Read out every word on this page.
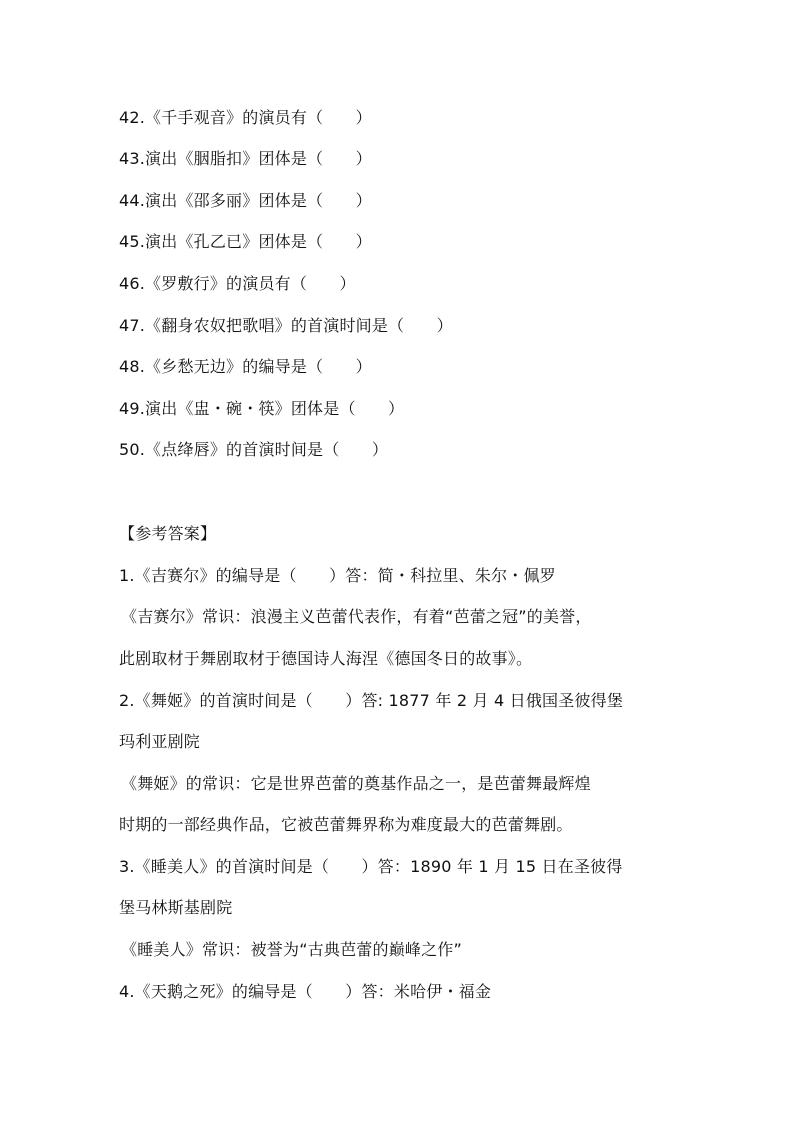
42.《千手观音》的演员有（　　）
43.演出《胭脂扣》团体是（　　）
44.演出《邵多丽》团体是（　　）
45.演出《孔乙已》团体是（　　）
46.《罗敷行》的演员有（　　）
47.《翻身农奴把歌唱》的首演时间是（　　）
48.《乡愁无边》的编导是（　　）
49.演出《盅・碗・筷》团体是（　　）
50.《点绛唇》的首演时间是（　　）
【参考答案】
1.《吉赛尔》的编导是（　　）答：简・科拉里、朱尔・佩罗
《吉赛尔》常识：浪漫主义芭蕾代表作，有着“芭蕾之冠”的美誉，
此剧取材于舞剧取材于德国诗人海涅《德国冬日的故事》。
2.《舞姬》的首演时间是（　　）答: 1877 年 2 月 4 日俄国圣彼得堡
玛利亚剧院
《舞姬》的常识：它是世界芭蕾的奠基作品之一，是芭蕾舞最辉煌
时期的一部经典作品，它被芭蕾舞界称为难度最大的芭蕾舞剧。
3.《睡美人》的首演时间是（　　）答：1890 年 1 月 15 日在圣彼得
堡马林斯基剧院
《睡美人》常识：被誉为“古典芭蕾的巅峰之作”
4.《天鹅之死》的编导是（　　）答：米哈伊・福金
